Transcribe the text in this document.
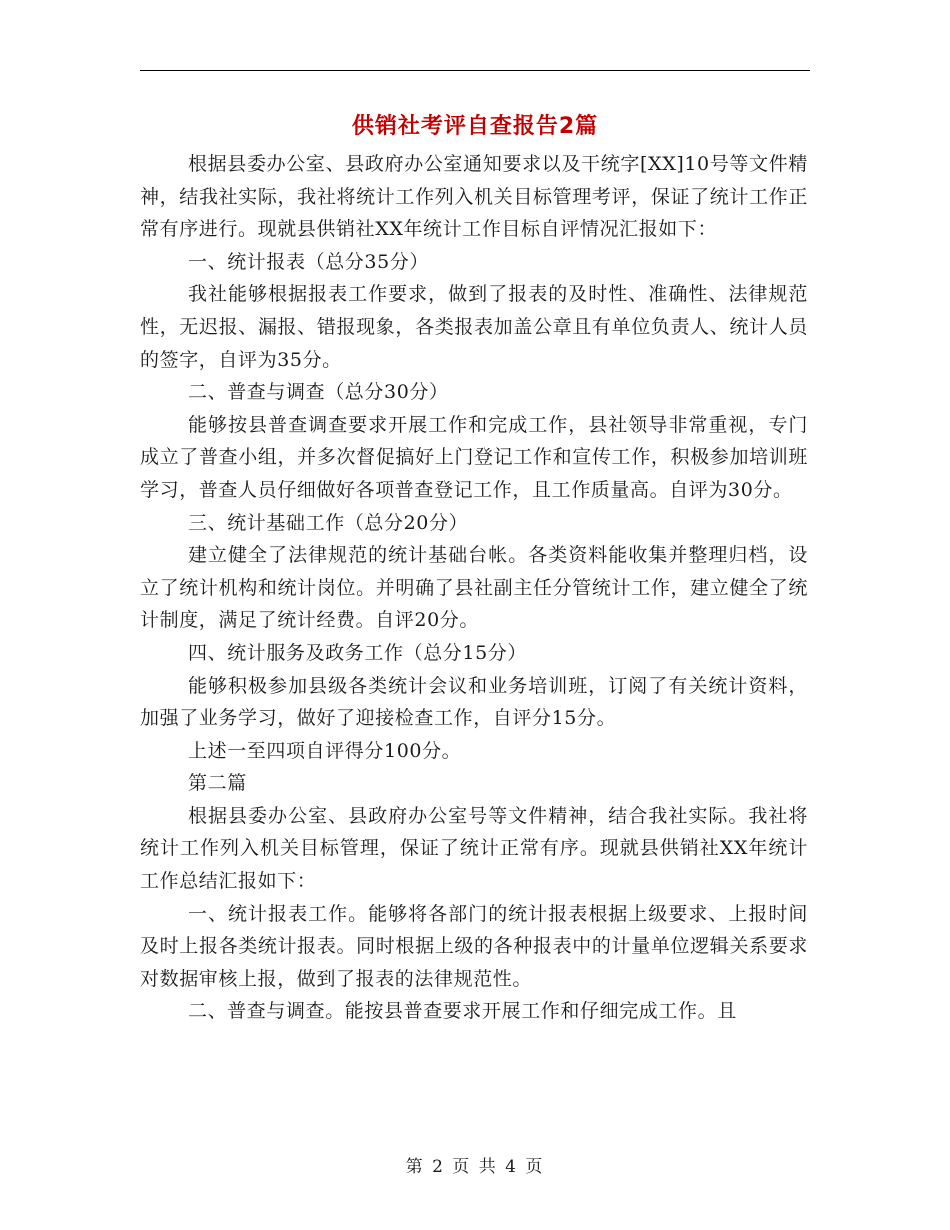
供销社考评自查报告2篇

根据县委办公室、县政府办公室通知要求以及干统字[XX]10号等文件精神，结我社实际，我社将统计工作列入机关目标管理考评，保证了统计工作正常有序进行。现就县供销社XX年统计工作目标自评情况汇报如下：

一、统计报表（总分35分）

我社能够根据报表工作要求，做到了报表的及时性、准确性、法律规范性，无迟报、漏报、错报现象，各类报表加盖公章且有单位负责人、统计人员的签字，自评为35分。

二、普查与调查（总分30分）

能够按县普查调查要求开展工作和完成工作，县社领导非常重视，专门成立了普查小组，并多次督促搞好上门登记工作和宣传工作，积极参加培训班学习，普查人员仔细做好各项普查登记工作，且工作质量高。自评为30分。

三、统计基础工作（总分20分）

建立健全了法律规范的统计基础台帐。各类资料能收集并整理归档，设立了统计机构和统计岗位。并明确了县社副主任分管统计工作，建立健全了统计制度，满足了统计经费。自评20分。

四、统计服务及政务工作（总分15分）

能够积极参加县级各类统计会议和业务培训班，订阅了有关统计资料，加强了业务学习，做好了迎接检查工作，自评分15分。

上述一至四项自评得分100分。

第二篇

根据县委办公室、县政府办公室号等文件精神，结合我社实际。我社将统计工作列入机关目标管理，保证了统计正常有序。现就县供销社XX年统计工作总结汇报如下：

一、统计报表工作。能够将各部门的统计报表根据上级要求、上报时间及时上报各类统计报表。同时根据上级的各种报表中的计量单位逻辑关系要求对数据审核上报，做到了报表的法律规范性。

二、普查与调查。能按县普查要求开展工作和仔细完成工作。且

第 2 页 共 4 页
